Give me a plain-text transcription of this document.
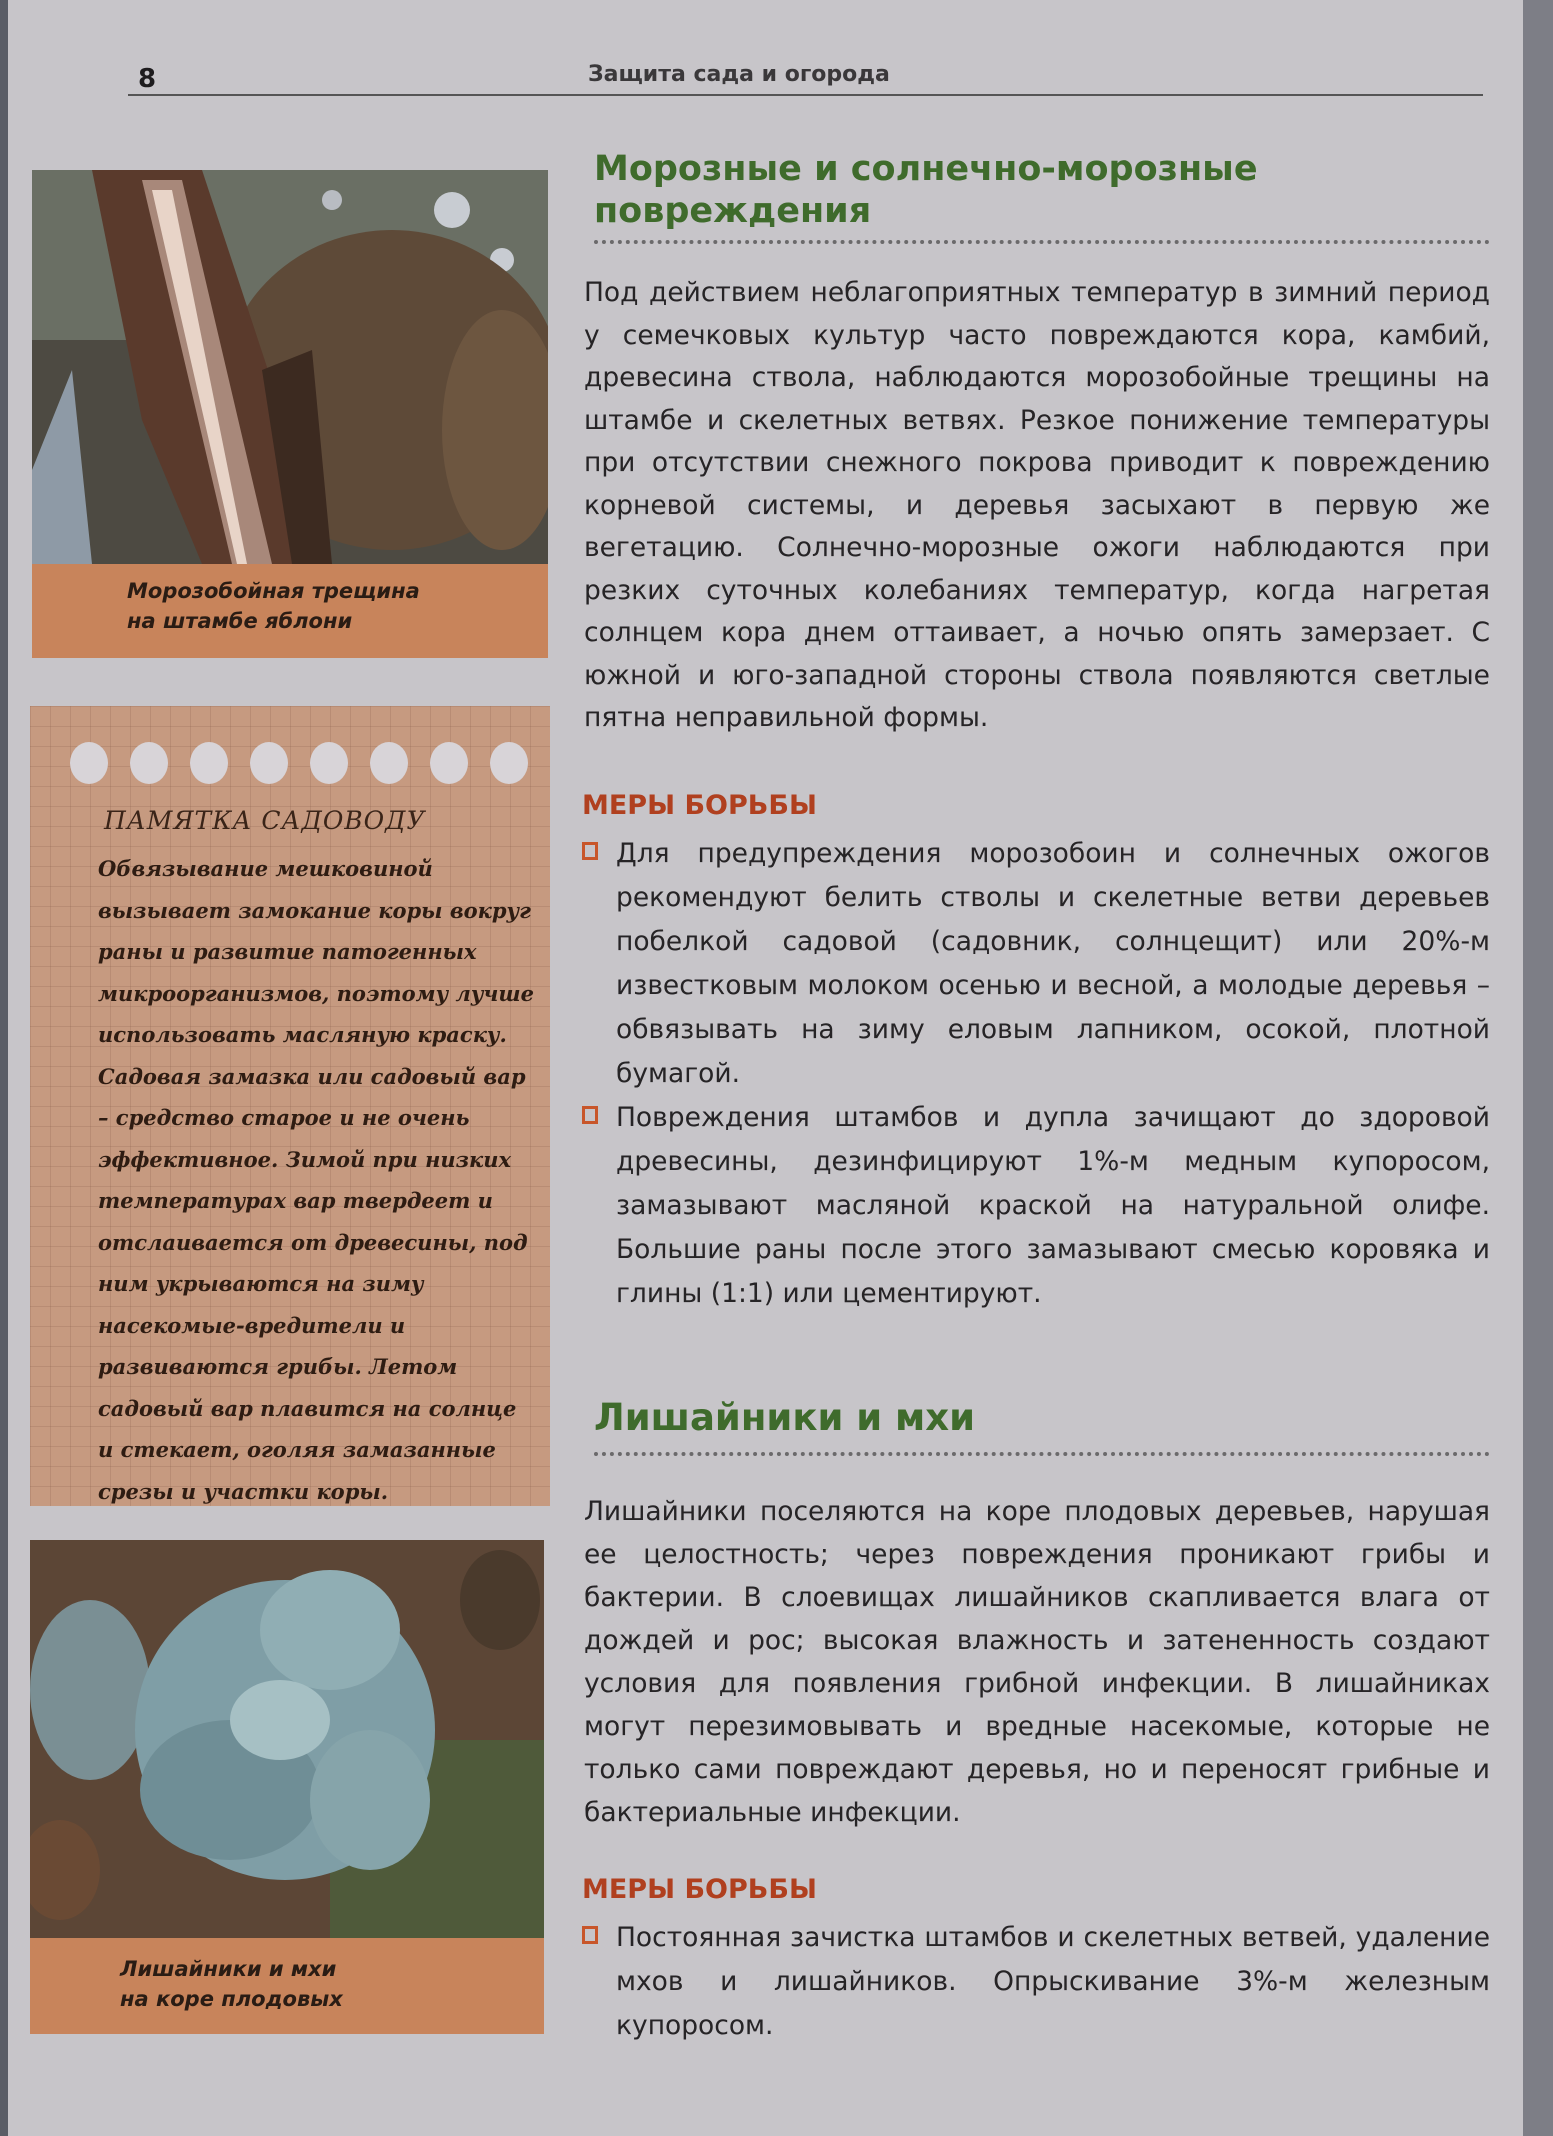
8	Защита сада и огорода
Морозобойная трещина
на штамбе яблони
ПАМЯТКА САДОВОДУ
Обвязывание мешковиной вызывает замокание коры вокруг раны и развитие патогенных микроорганизмов, поэтому лучше использовать масляную краску. Садовая замазка или садовый вар – средство старое и не очень эффективное. Зимой при низких температурах вар твердеет и отслаивается от древесины, под ним укрываются на зиму насекомые-вредители и развиваются грибы. Летом садовый вар плавится на солнце и стекает, оголяя замазанные срезы и участки коры.
Лишайники и мхи
на коре плодовых
Морозные и солнечно-морозные
повреждения

Под действием неблагоприятных температур в зимний период у семечковых культур часто повреждаются кора, камбий, древесина ствола, наблюдаются морозобойные трещины на штамбе и скелетных ветвях. Резкое понижение температуры при отсутствии снежного покрова приводит к повреждению корневой системы, и деревья засыхают в первую же вегетацию. Солнечно-морозные ожоги наблюдаются при резких суточных колебаниях температур, когда нагретая солнцем кора днем оттаивает, а ночью опять замерзает. С южной и юго-западной стороны ствола появляются светлые пятна неправильной формы.

МЕРЫ БОРЬБЫ
Для предупреждения морозобоин и солнечных ожогов рекомендуют белить стволы и скелетные ветви деревьев побелкой садовой (садовник, солнцещит) или 20%-м известковым молоком осенью и весной, а молодые деревья – обвязывать на зиму еловым лапником, осокой, плотной бумагой.
Повреждения штамбов и дупла зачищают до здоровой древесины, дезинфицируют 1%-м медным купоросом, замазывают масляной краской на натуральной олифе. Большие раны после этого замазывают смесью коровяка и глины (1:1) или цементируют.
Лишайники и мхи

Лишайники поселяются на коре плодовых деревьев, нарушая ее целостность; через повреждения проникают грибы и бактерии. В слоевищах лишайников скапливается влага от дождей и рос; высокая влажность и затененность создают условия для появления грибной инфекции. В лишайниках могут перезимовывать и вредные насекомые, которые не только сами повреждают деревья, но и переносят грибные и бактериальные инфекции.

МЕРЫ БОРЬБЫ
Постоянная зачистка штамбов и скелетных ветвей, удаление мхов и лишайников. Опрыскивание 3%-м железным купоросом.
